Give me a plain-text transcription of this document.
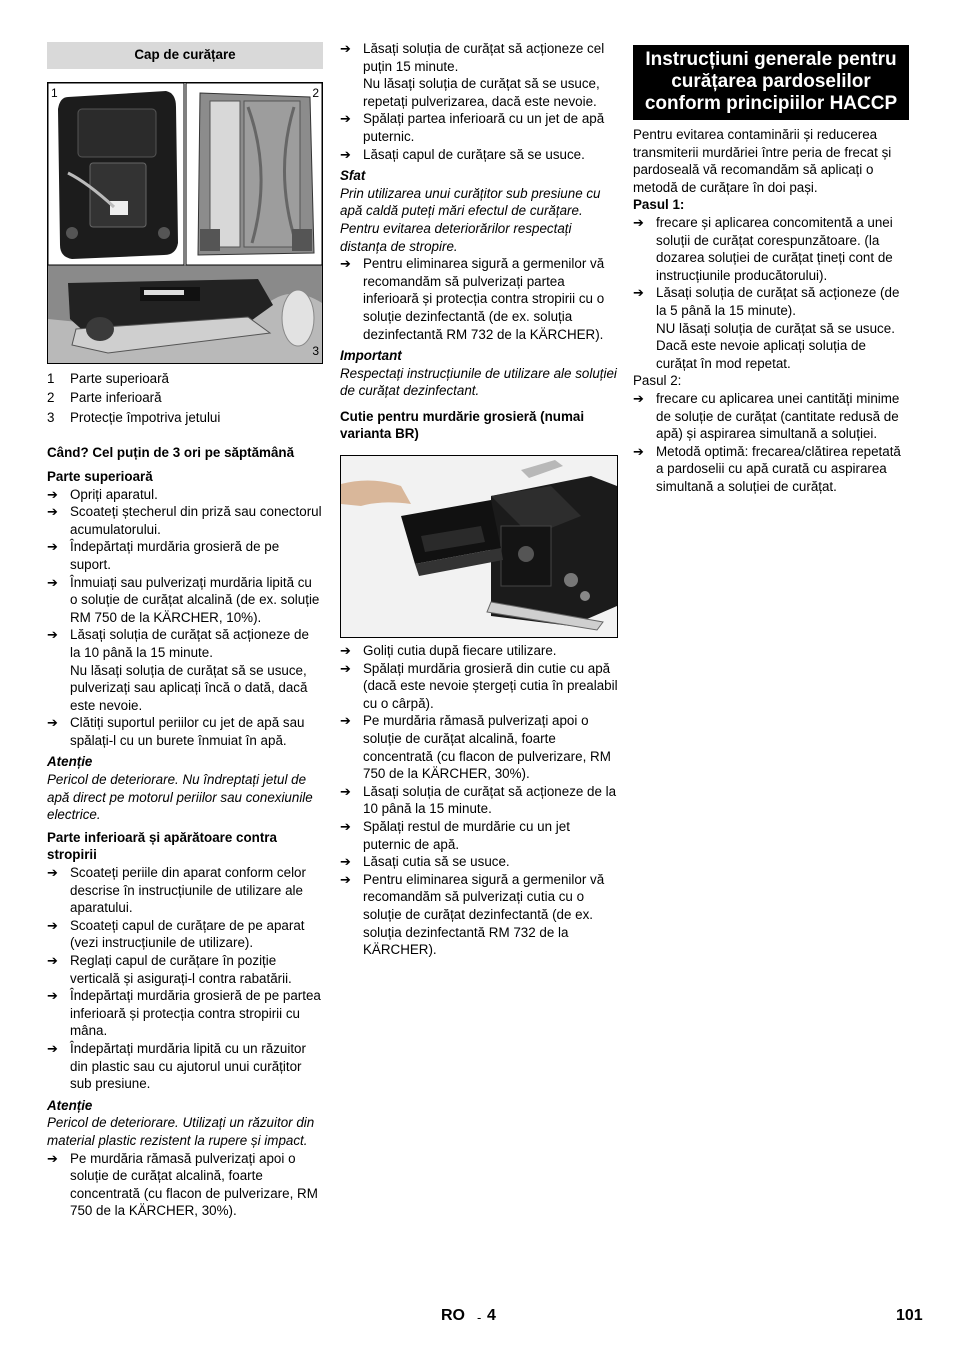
Cap de curățare
1	2
3
1 Parte superioară
2 Parte inferioară
3 Protecție împotriva jetului

Când? Cel puțin de 3 ori pe săptămână

Parte superioară

➔ Opriți aparatul.
➔ Scoateți ștecherul din priză sau conectorul acumulatorului.
➔ Îndepărtați murdăria grosieră de pe suport.
➔ Înmuiați sau pulverizați murdăria lipită cu o soluție de curățat alcalină (de ex. soluție RM 750 de la KÄRCHER, 10%).
➔ Lăsați soluția de curățat să acționeze de la 10 până la 15 minute.

Nu lăsați soluția de curățat să se usuce, pulverizați sau aplicați încă o dată, dacă este nevoie.

➔ Clătiți suportul periilor cu jet de apă sau spălați-l cu un burete înmuiat în apă.

Atenție

Pericol de deteriorare. Nu îndreptați jetul de apă direct pe motorul periilor sau conexiunile electrice.

Parte inferioară și apărătoare contra stropirii

➔ Scoateți periile din aparat conform celor descrise în instrucțiunile de utilizare ale aparatului.
➔ Scoateți capul de curățare de pe aparat (vezi instrucțiunile de utilizare).
➔ Reglați capul de curățare în poziție verticală și asigurați-l contra rabatării.
➔ Îndepărtați murdăria grosieră de pe partea inferioară și protecția contra stropirii cu mâna.
➔ Îndepărtați murdăria lipită cu un răzuitor din plastic sau cu ajutorul unui curățitor sub presiune.

Atenție

Pericol de deteriorare. Utilizați un răzuitor din material plastic rezistent la rupere și impact.

➔ Pe murdăria rămasă pulverizați apoi o soluție de curățat alcalină, foarte concentrată (cu flacon de pulverizare, RM 750 de la KÄRCHER, 30%).
➔ Lăsați soluția de curățat să acționeze cel puțin 15 minute.

Nu lăsați soluția de curățat să se usuce, repetați pulverizarea, dacă este nevoie.

➔ Spălați partea inferioară cu un jet de apă puternic.
➔ Lăsați capul de curățare să se usuce.

Sfat

Prin utilizarea unui curățitor sub presiune cu apă caldă puteți mări efectul de curățare.

Pentru evitarea deteriorărilor respectați distanța de stropire.

➔ Pentru eliminarea sigură a germenilor vă recomandăm să pulverizați partea inferioară și protecția contra stropirii cu o soluție dezinfectantă (de ex. soluția dezinfectantă RM 732 de la KÄRCHER).

Important

Respectați instrucțiunile de utilizare ale soluției de curățat dezinfectant.

Cutie pentru murdărie grosieră (numai varianta BR)

➔ Goliți cutia după fiecare utilizare.
➔ Spălați murdăria grosieră din cutie cu apă (dacă este nevoie ștergeți cutia în prealabil cu o cârpă).
➔ Pe murdăria rămasă pulverizați apoi o soluție de curățat alcalină, foarte concentrată (cu flacon de pulverizare, RM 750 de la KÄRCHER, 30%).
➔ Lăsați soluția de curățat să acționeze de la 10 până la 15 minute.
➔ Spălați restul de murdărie cu un jet puternic de apă.
➔ Lăsați cutia să se usuce.
➔ Pentru eliminarea sigură a germenilor vă recomandăm să pulverizați cutia cu o soluție de curățat dezinfectantă (de ex. soluția dezinfectantă RM 732 de la KÄRCHER).
Instrucțiuni generale pentru curățarea pardoselilor conform principiilor HACCP

Pentru evitarea contaminării și reducerea transmiterii murdăriei între peria de frecat și pardoseală vă recomandăm să aplicați o metodă de curățare în doi pași.

Pasul 1:

➔ frecare și aplicarea concomitentă a unei soluții de curățat corespunzătoare. (la dozarea soluției de curățat țineți cont de instrucțiunile producătorului).
➔ Lăsați soluția de curățat să acționeze (de la 5 până la 15 minute).

NU lăsați soluția de curățat să se usuce. Dacă este nevoie aplicați soluția de curățat în mod repetat.

Pasul 2:

➔ frecare cu aplicarea unei cantități minime de soluție de curățat (cantitate redusă de apă) și aspirarea simultană a soluției.
➔ Metodă optimă: frecarea/clătirea repetată a pardoselii cu apă curată cu aspirarea simultană a soluției de curățat.
RO - 4	101
